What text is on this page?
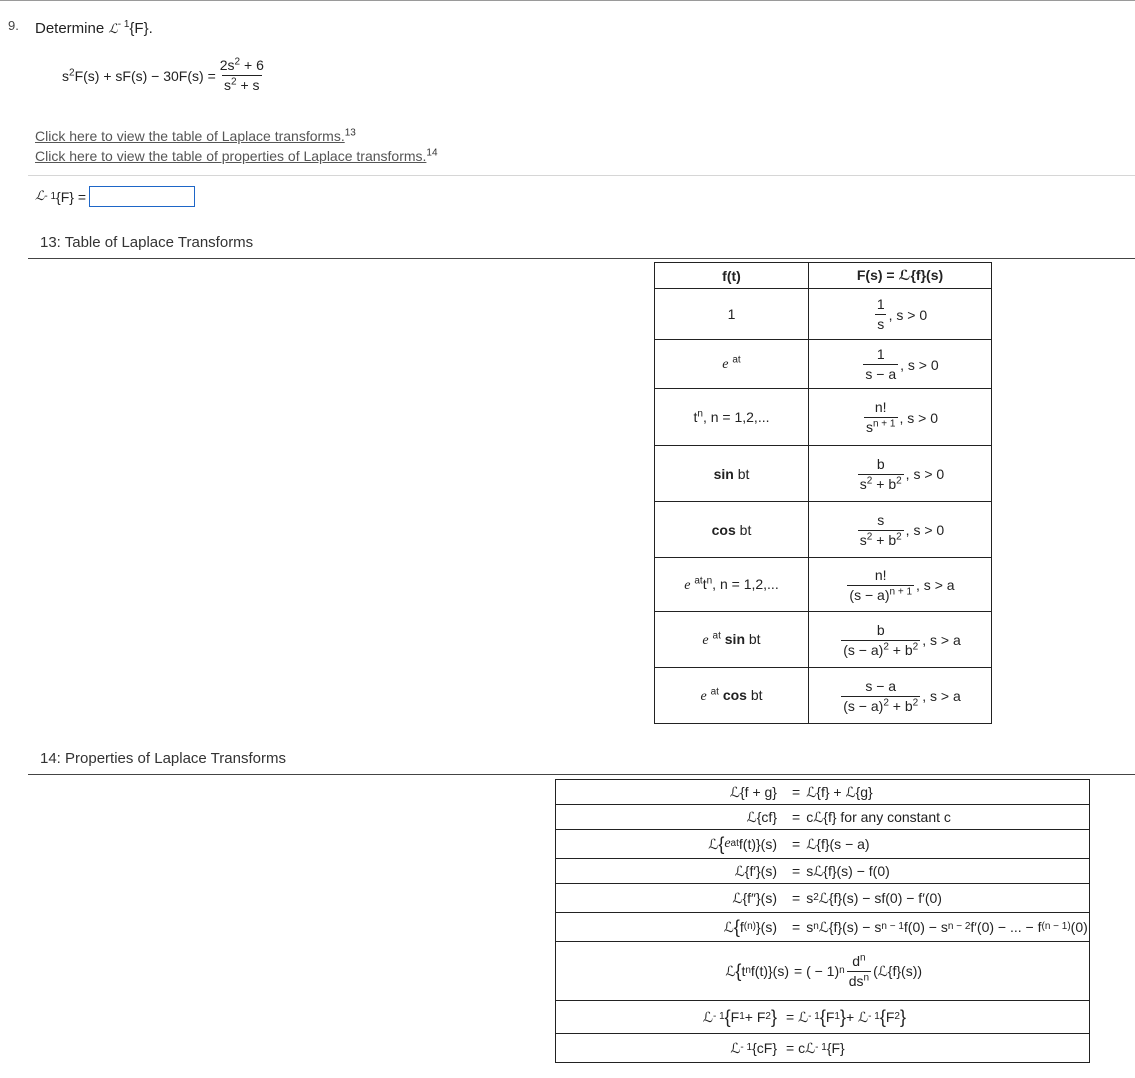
9. Determine ℒ$^{- 1}${F}.
$s^2F(s) + sF(s) - 30F(s) = \frac{2s^2 + 6}{s^2 + s}$
Click here to view the table of Laplace transforms.$^{13}$
Click here to view the table of properties of Laplace transforms.$^{14}$
ℒ - 1 {F} =
13: Table of Laplace Transforms
f(t)	F(s) = ℒ{f}(s)
1	$\frac{1}{s}$ , s > 0

e $^{at}$	$\frac{1}{s - a}$ , s > 0

$t^n$, n = 1,2,...	$\frac{n!}{s^{n + 1}}$ , s > 0

sin bt	$\frac{b}{s^2 + b^2}$ , s > 0

cos bt	$\frac{s}{s^2 + b^2}$ , s > 0

e $^{at}t^n$, n = 1,2,...	$\frac{n!}{(s - a)^{n + 1}}$ , s > a

e $^{at}$ sin bt	$\frac{b}{(s - a)^2 + b^2}$ , s > a

e $^{at}$ cos bt	$\frac{s - a}{(s - a)^2 + b^2}$ , s > a
14: Properties of Laplace Transforms
ℒ{f + g} = ℒ{f} + ℒ{g}

ℒ{cf} = cℒ{f} for any constant c

ℒ { e at f(t)}(s) = ℒ{f}(s − a)

ℒ{f′}(s) = sℒ{f}(s) − f(0)

ℒ{f″}(s) = s 2 ℒ{f}(s) − sf(0) − f′(0)

ℒ { f (n) }(s) = s n ℒ{f}(s) − s n − 1 f(0) − s n − 2 f′(0) − ... − f (n − 1) (0)

ℒ { t n f(t)}(s) = ( − 1) n $\frac{d^n}{ds^n}$ (ℒ{f}(s))

ℒ - 1 { F 1 + F 2 } = ℒ - 1 { F 1 } + ℒ - 1 { F 2 }

ℒ - 1 {cF} = cℒ - 1 {F}
